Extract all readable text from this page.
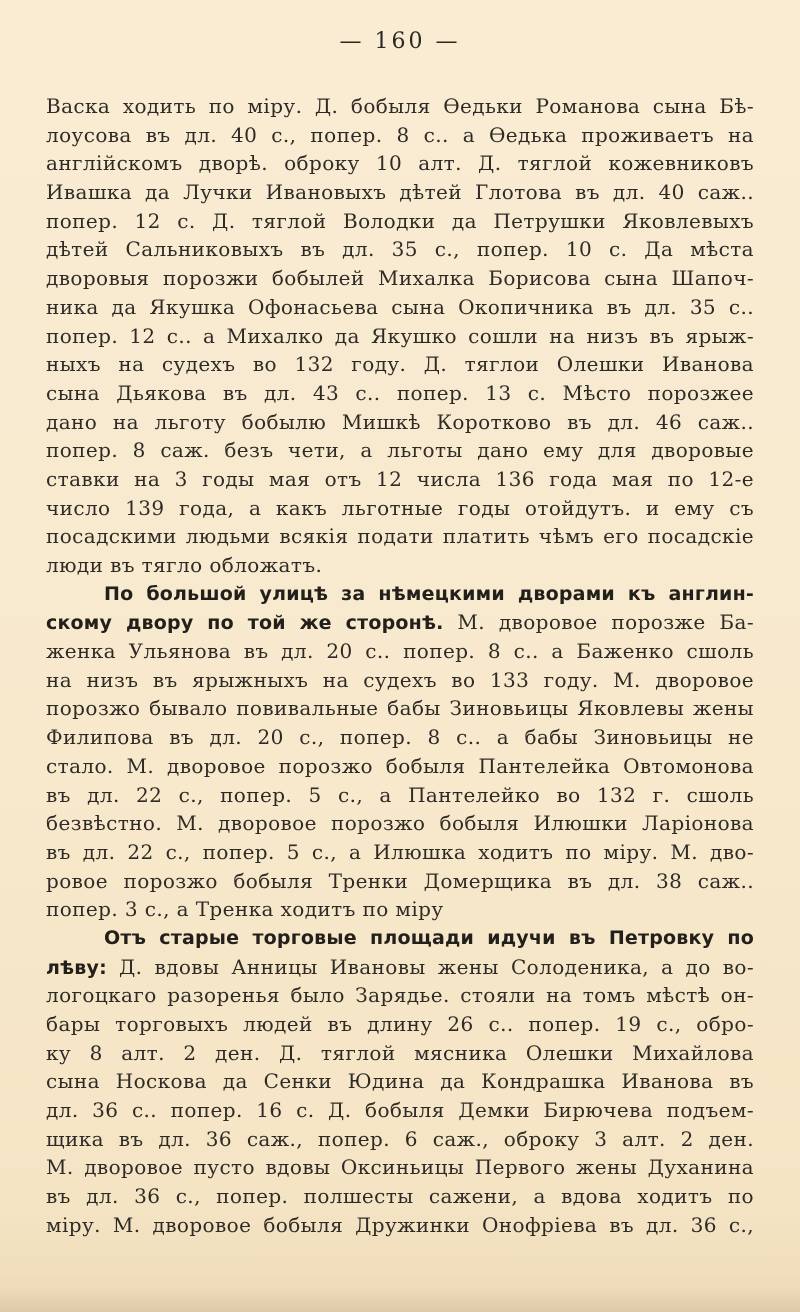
— 160 —
Васка ходить по міру. Д. бобыля Ѳедьки Романова сына Бѣ-
лоусова въ дл. 40 с., попер. 8 с.. а Ѳедька проживаетъ на
англійскомъ дворѣ. оброку 10 алт. Д. тяглой кожевниковъ
Ивашка да Лучки Ивановыхъ дѣтей Глотова въ дл. 40 саж..
попер. 12 с. Д. тяглой Володки да Петрушки Яковлевыхъ
дѣтей Сальниковыхъ въ дл. 35 с., попер. 10 с. Да мѣста
дворовыя порозжи бобылей Михалка Борисова сына Шапоч-
ника да Якушка Офонасьева сына Окопичника въ дл. 35 с..
попер. 12 с.. а Михалко да Якушко сошли на низъ въ ярыж-
ныхъ на судехъ во 132 году. Д. тяглои Олешки Иванова
сына Дьякова въ дл. 43 с.. попер. 13 с. Мѣсто порозжее
дано на льготу бобылю Мишкѣ Коротково въ дл. 46 саж..
попер. 8 саж. безъ чети, а льготы дано ему для дворовые
ставки на 3 годы мая отъ 12 числа 136 года мая по 12-е
число 139 года, а какъ льготные годы отойдутъ. и ему съ
посадскими людьми всякія подати платить чѣмъ его посадскіе
люди въ тягло обложатъ.
По большой улицѣ за нѣмецкими дворами къ англин-
скому двору по той же сторонѣ. М. дворовое порозже Ба-
женка Ульянова въ дл. 20 с.. попер. 8 с.. а Баженко сшоль
на низъ въ ярыжныхъ на судехъ во 133 году. М. дворовое
порозжо бывало повивальные бабы Зиновьицы Яковлевы жены
Филипова въ дл. 20 с., попер. 8 с.. а бабы Зиновьицы не
стало. М. дворовое порозжо бобыля Пантелейка Овтомонова
въ дл. 22 с., попер. 5 с., а Пантелейко во 132 г. сшоль
безвѣстно. М. дворовое порозжо бобыля Илюшки Ларіонова
въ дл. 22 с., попер. 5 с., а Илюшка ходитъ по міру. М. дво-
ровое порозжо бобыля Тренки Домерщика въ дл. 38 саж..
попер. 3 с., а Тренка ходитъ по міру
Отъ старые торговые площади идучи въ Петровку по
лѣву: Д. вдовы Анницы Ивановы жены Солоденика, а до во-
логоцкаго разоренья было Зарядье. стояли на томъ мѣстѣ он-
бары торговыхъ людей въ длину 26 с.. попер. 19 с., обро-
ку 8 алт. 2 ден. Д. тяглой мясника Олешки Михайлова
сына Носкова да Сенки Юдина да Кондрашка Иванова въ
дл. 36 с.. попер. 16 с. Д. бобыля Демки Бирючева подъем-
щика въ дл. 36 саж., попер. 6 саж., оброку 3 алт. 2 ден.
М. дворовое пусто вдовы Оксиньицы Первого жены Духанина
въ дл. 36 с., попер. полшесты сажени, а вдова ходитъ по
міру. М. дворовое бобыля Дружинки Онофріева въ дл. 36 с.,
